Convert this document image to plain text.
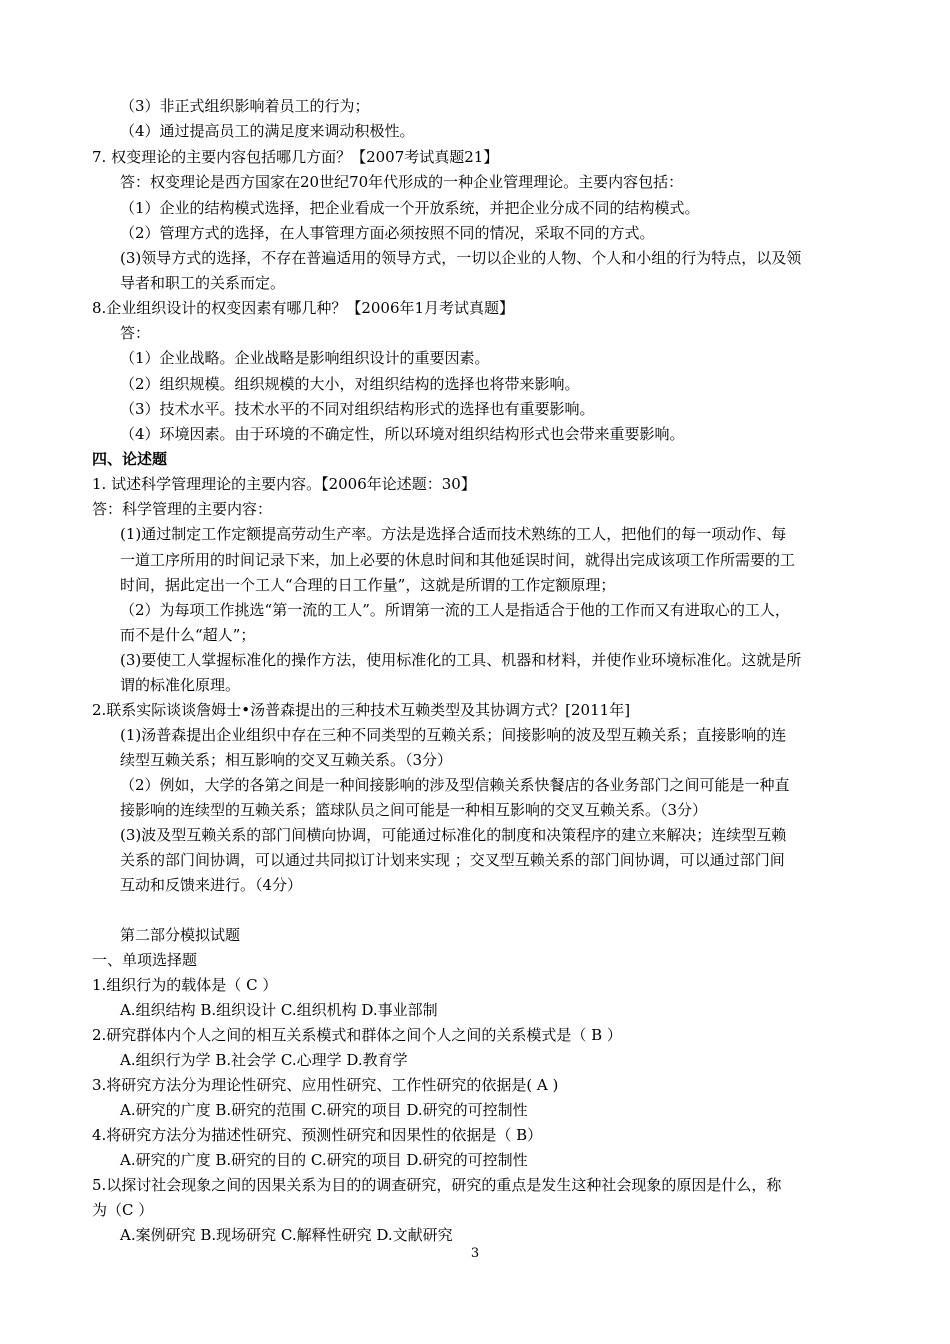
（3）非正式组织影响着员工的行为；
（4）通过提高员工的满足度来调动积极性。
7. 权变理论的主要内容包括哪几方面？【2007考试真题21】
答：权变理论是西方国家在20世纪70年代形成的一种企业管理理论。主要内容包括：
（1）企业的结构模式选择，把企业看成一个开放系统，并把企业分成不同的结构模式。
（2）管理方式的选择，在人事管理方面必须按照不同的情况，采取不同的方式。
(3)领导方式的选择，不存在普遍适用的领导方式，一切以企业的人物、个人和小组的行为特点，以及领
导者和职工的关系而定。
8.企业组织设计的权变因素有哪几种？【2006年1月考试真题】
答：
（1）企业战略。企业战略是影响组织设计的重要因素。
（2）组织规模。组织规模的大小，对组织结构的选择也将带来影响。
（3）技术水平。技术水平的不同对组织结构形式的选择也有重要影响。
（4）环境因素。由于环境的不确定性，所以环境对组织结构形式也会带来重要影响。
四、论述题
1. 试述科学管理理论的主要内容。【2006年论述题：30】
答：科学管理的主要内容：
(1)通过制定工作定额提高劳动生产率。方法是选择合适而技术熟练的工人，把他们的每一项动作、每
一道工序所用的时间记录下来，加上必要的休息时间和其他延误时间，就得出完成该项工作所需要的工
时间，据此定出一个工人“合理的日工作量”，这就是所谓的工作定额原理；
（2）为每项工作挑选“第一流的工人”。所谓第一流的工人是指适合于他的工作而又有进取心的工人，
而不是什么“超人”；
(3)要使工人掌握标准化的操作方法，使用标准化的工具、机器和材料，并使作业环境标准化。这就是所
谓的标准化原理。
2.联系实际谈谈詹姆士•汤普森提出的三种技术互赖类型及其协调方式？[2011年]
(1)汤普森提出企业组织中存在三种不同类型的互赖关系；间接影响的波及型互赖关系；直接影响的连
续型互赖关系；相互影响的交叉互赖关系。（3分）
（2）例如，大学的各第之间是一种间接影响的涉及型信赖关系快餐店的各业务部门之间可能是一种直
接影响的连续型的互赖关系；篮球队员之间可能是一种相互影响的交叉互赖关系。（3分）
(3)波及型互赖关系的部门间横向协调，可能通过标准化的制度和决策程序的建立来解决；连续型互赖
关系的部门间协调，可以通过共同拟订计划来实现 ；交叉型互赖关系的部门间协调，可以通过部门间
互动和反馈来进行。（4分）
第二部分模拟试题
一、单项选择题
1.组织行为的载体是（ C ）
A.组织结构 B.组织设计 C.组织机构 D.事业部制
2.研究群体内个人之间的相互关系模式和群体之间个人之间的关系模式是（ B ）
A.组织行为学 B.社会学 C.心理学 D.教育学
3.将研究方法分为理论性研究、应用性研究、工作性研究的依据是( A )
A.研究的广度 B.研究的范围 C.研究的项目 D.研究的可控制性
4.将研究方法分为描述性研究、预测性研究和因果性的依据是（ B）
A.研究的广度 B.研究的目的 C.研究的项目 D.研究的可控制性
5.以探讨社会现象之间的因果关系为目的的调查研究，研究的重点是发生这种社会现象的原因是什么，称
为（C ）
A.案例研究 B.现场研究 C.解释性研究 D.文献研究
3
